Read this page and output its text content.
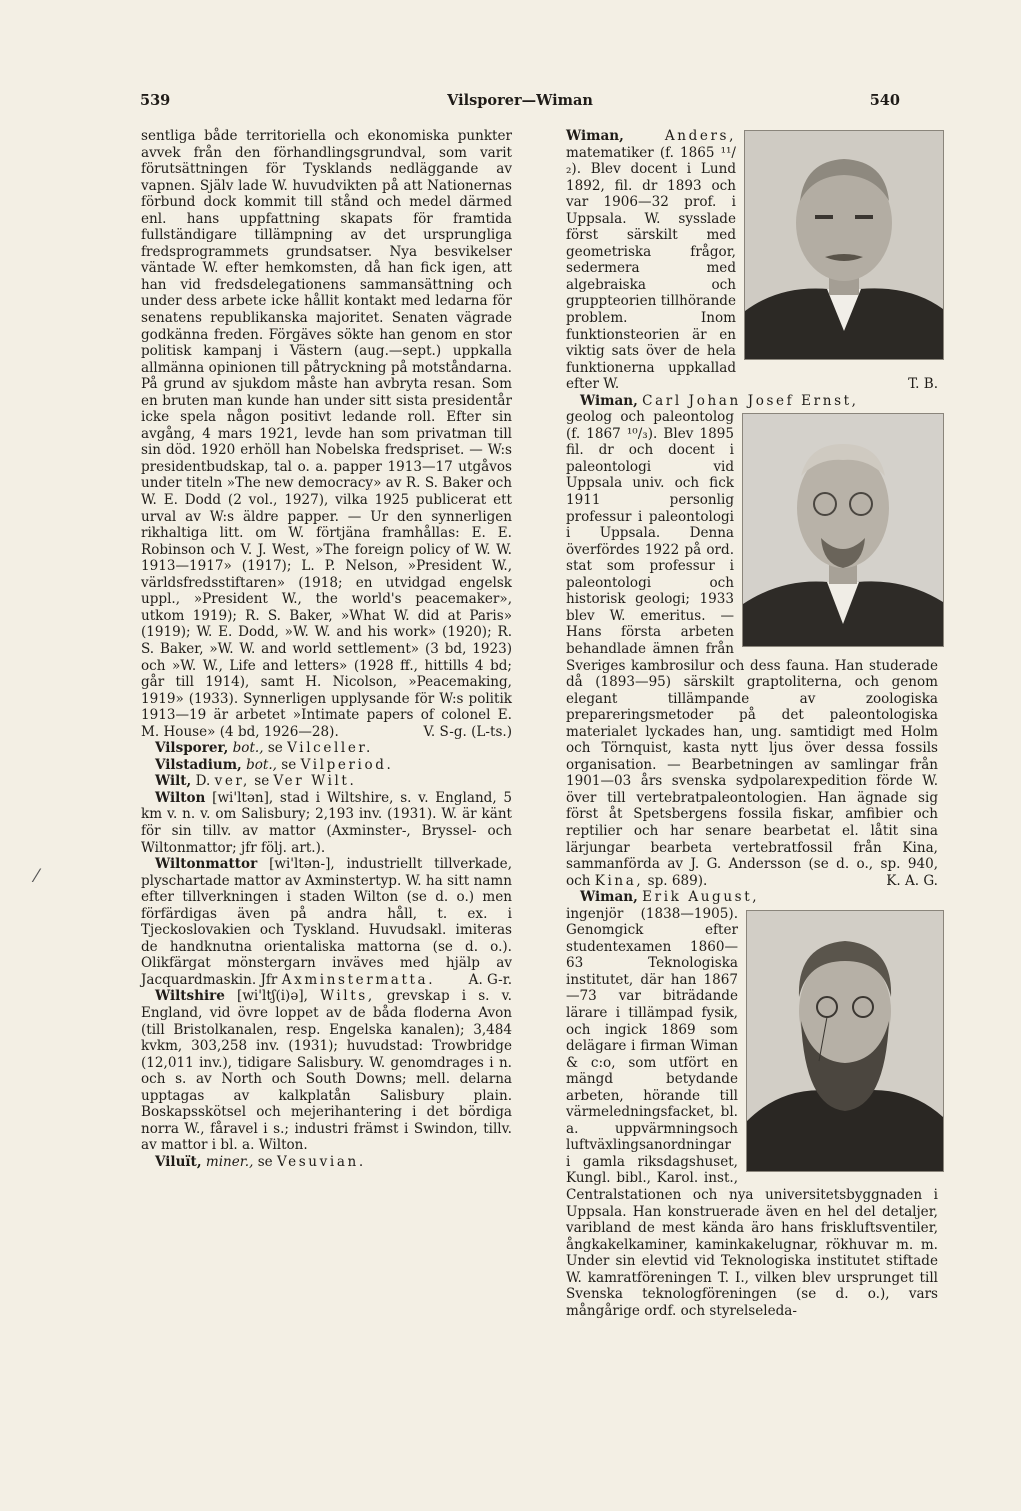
539	Vilsporer—Wiman	540

sentliga både territoriella och ekonomiska punkter avvek från den förhandlingsgrundval, som varit förutsättningen för Tysklands nedläggande av vapnen. Själv lade W. huvudvikten på att Nationernas förbund dock kommit till stånd och medel därmed enl. hans uppfattning skapats för framtida fullständigare tillämpning av det ursprungliga fredsprogrammets grundsatser. Nya besvikelser väntade W. efter hemkomsten, då han fick igen, att han vid fredsdelegationens sammansättning och under dess arbete icke hållit kontakt med ledarna för senatens republikanska majoritet. Senaten vägrade godkänna freden. Förgäves sökte han genom en stor politisk kampanj i Västern (aug.—sept.) uppkalla allmänna opinionen till påtryckning på motståndarna. På grund av sjukdom måste han avbryta resan. Som en bruten man kunde han under sitt sista presidentår icke spela någon positivt ledande roll. Efter sin avgång, 4 mars 1921, levde han som privatman till sin död. 1920 erhöll han Nobelska fredspriset. — W:s presidentbudskap, tal o. a. papper 1913—17 utgåvos under titeln »The new democracy» av R. S. Baker och W. E. Dodd (2 vol., 1927), vilka 1925 publicerat ett urval av W:s äldre papper. — Ur den synnerligen rikhaltiga litt. om W. förtjäna framhållas: E. E. Robinson och V. J. West, »The foreign policy of W. W. 1913—1917» (1917); L. P. Nelson, »President W., världsfredsstiftaren» (1918; en utvidgad engelsk uppl., »President W., the world's peacemaker», utkom 1919); R. S. Baker, »What W. did at Paris» (1919); W. E. Dodd, »W. W. and his work» (1920); R. S. Baker, »W. W. and world settlement» (3 bd, 1923) och »W. W., Life and letters» (1928 ff., hittills 4 bd; går till 1914), samt H. Nicolson, »Peacemaking, 1919» (1933). Synnerligen upplysande för W:s politik 1913—19 är arbetet »Intimate papers of colonel E. M. House» (4 bd, 1926—28).	V. S-g. (L-ts.)

Vilsporer, bot., se Vilceller.

Vilstadium, bot., se Vilperiod.

Wilt, D. ver, se Ver Wilt.

Wilton [wi'ltən], stad i Wiltshire, s. v. England, 5 km v. n. v. om Salisbury; 2,193 inv. (1931). W. är känt för sin tillv. av mattor (Axminster-, Bryssel- och Wiltonmattor; jfr följ. art.).

Wiltonmattor [wi'ltən-], industriellt tillverkade, plyschartade mattor av Axminstertyp. W. ha sitt namn efter tillverkningen i staden Wilton (se d. o.) men förfärdigas även på andra håll, t. ex. i Tjeckoslovakien och Tyskland. Huvudsakl. imiteras de handknutna orientaliska mattorna (se d. o.). Olikfärgat mönstergarn inväves med hjälp av Jacquardmaskin. Jfr Axminstermatta.	A. G-r.

Wiltshire [wi'ltʃ(i)ə], Wilts, grevskap i s. v. England, vid övre loppet av de båda floderna Avon (till Bristolkanalen, resp. Engelska kanalen); 3,484 kvkm, 303,258 inv. (1931); huvudstad: Trowbridge (12,011 inv.), tidigare Salisbury. W. genomdrages i n. och s. av North och South Downs; mell. delarna upptagas av kalkplatån Salisbury plain. Boskapsskötsel och mejerihantering i det bördiga norra W., fåravel i s.; industri främst i Swindon, tillv. av mattor i bl. a. Wilton.

Viluït, miner., se Vesuvian.

Wiman,	Anders, matematiker (f. 1865 ¹¹/₂). Blev docent i Lund 1892, fil. dr 1893 och var 1906—32 prof. i Uppsala. W. sysslade först särskilt med geometriska frågor, sedermera med algebraiska och gruppteorien tillhörande problem. Inom funktionsteorien är en viktig sats över de hela funktionerna uppkallad efter W.	T. B.

Wiman, Carl Johan Josef Ernst,

geolog och paleontolog (f. 1867 ¹⁰/₃). Blev 1895 fil. dr och docent i paleontologi vid Uppsala univ. och fick 1911 personlig professur i paleontologi i Uppsala. Denna överfördes 1922 på ord. stat som professur i paleontologi och historisk geologi; 1933 blev W. emeritus. — Hans första arbeten behandlade ämnen från Sveriges kambrosilur och dess fauna. Han studerade då (1893—95) särskilt graptoliterna, och genom elegant tillämpande av zoologiska prepareringsmetoder på det paleontologiska materialet lyckades han, ung. samtidigt med Holm och Törnquist, kasta nytt ljus över dessa fossils organisation. — Bearbetningen av samlingar från 1901—03 års svenska sydpolarexpedition förde W. över till vertebratpaleontologien. Han ägnade sig först åt Spetsbergens fossila fiskar, amfibier och reptilier och har senare bearbetat el. låtit sina lärjungar bearbeta vertebratfossil från Kina, sammanförda av J. G. Andersson (se d. o., sp. 940, och Kina, sp. 689).	K. A. G.

Wiman, Erik August,

ingenjör (1838—1905). Genomgick efter studentexamen 1860—63 Teknologiska institutet, där han 1867—73 var biträdande lärare i tillämpad fysik, och ingick 1869 som delägare i firman Wiman & c:o, som utfört en mängd betydande arbeten, hörande till värmeledningsfacket, bl. a. uppvärmningsoch luftväxlingsanordningar i gamla riksdagshuset, Kungl. bibl., Karol. inst., Centralstationen och nya universitetsbyggnaden i Uppsala. Han konstruerade även en hel del detaljer, varibland de mest kända äro hans friskluftsventiler, ångkakelkaminer, kaminkakelugnar, rökhuvar m. m. Under sin elevtid vid Teknologiska institutet stiftade W. kamratföreningen T. I., vilken blev ursprunget till Svenska teknologföreningen (se d. o.), vars mångårige ordf. och styrelseleda-

⁄
